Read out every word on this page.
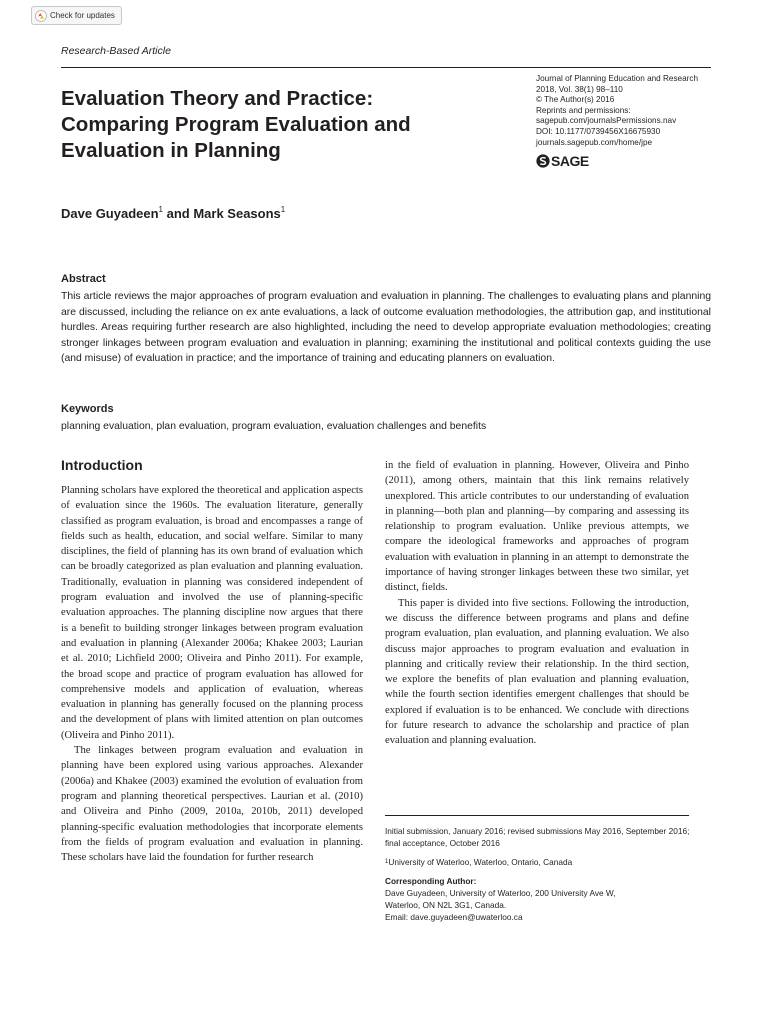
Check for updates
Research-Based Article
Evaluation Theory and Practice: Comparing Program Evaluation and Evaluation in Planning
Journal of Planning Education and Research
2018, Vol. 38(1) 98–110
© The Author(s) 2016
Reprints and permissions:
sagepub.com/journalsPermissions.nav
DOI: 10.1177/0739456X16675930
journals.sagepub.com/home/jpe
SAGE
Dave Guyadeen$^1$ and Mark Seasons$^1$
Abstract
This article reviews the major approaches of program evaluation and evaluation in planning. The challenges to evaluating plans and planning are discussed, including the reliance on ex ante evaluations, a lack of outcome evaluation methodologies, the attribution gap, and institutional hurdles. Areas requiring further research are also highlighted, including the need to develop appropriate evaluation methodologies; creating stronger linkages between program evaluation and evaluation in planning; examining the institutional and political contexts guiding the use (and misuse) of evaluation in practice; and the importance of training and educating planners on evaluation.
Keywords
planning evaluation, plan evaluation, program evaluation, evaluation challenges and benefits
Introduction

Planning scholars have explored the theoretical and application aspects of evaluation since the 1960s. The evaluation literature, generally classified as program evaluation, is broad and encompasses a range of fields such as health, education, and social welfare. Similar to many disciplines, the field of planning has its own brand of evaluation which can be broadly categorized as plan evaluation and planning evaluation. Traditionally, evaluation in planning was considered independent of program evaluation and involved the use of planning-specific evaluation approaches. The planning discipline now argues that there is a benefit to building stronger linkages between program evaluation and evaluation in planning (Alexander 2006a; Khakee 2003; Laurian et al. 2010; Lichfield 2000; Oliveira and Pinho 2011). For example, the broad scope and practice of program evaluation has allowed for comprehensive models and application of evaluation, whereas evaluation in planning has generally focused on the planning process and the development of plans with limited attention on plan outcomes (Oliveira and Pinho 2011).

The linkages between program evaluation and evaluation in planning have been explored using various approaches. Alexander (2006a) and Khakee (2003) examined the evolution of evaluation from program and planning theoretical perspectives. Laurian et al. (2010) and Oliveira and Pinho (2009, 2010a, 2010b, 2011) developed planning-specific evaluation methodologies that incorporate elements from the fields of program evaluation and evaluation in planning. These scholars have laid the foundation for further research

in the field of evaluation in planning. However, Oliveira and Pinho (2011), among others, maintain that this link remains relatively unexplored. This article contributes to our understanding of evaluation in planning—both plan and planning—by comparing and assessing its relationship to program evaluation. Unlike previous attempts, we compare the ideological frameworks and approaches of program evaluation with evaluation in planning in an attempt to demonstrate the importance of having stronger linkages between these two similar, yet distinct, fields.

This paper is divided into five sections. Following the introduction, we discuss the difference between programs and plans and define program evaluation, plan evaluation, and planning evaluation. We also discuss major approaches to program evaluation and evaluation in planning and critically review their relationship. In the third section, we explore the benefits of plan evaluation and planning evaluation, while the fourth section identifies emergent challenges that should be explored if evaluation is to be enhanced. We conclude with directions for future research to advance the scholarship and practice of plan evaluation and planning evaluation.

Initial submission, January 2016; revised submissions May 2016, September 2016; final acceptance, October 2016

$^1$University of Waterloo, Waterloo, Ontario, Canada

Corresponding Author:

Dave Guyadeen, University of Waterloo, 200 University Ave W,

Waterloo, ON N2L 3G1, Canada.

Email: dave.guyadeen@uwaterloo.ca
